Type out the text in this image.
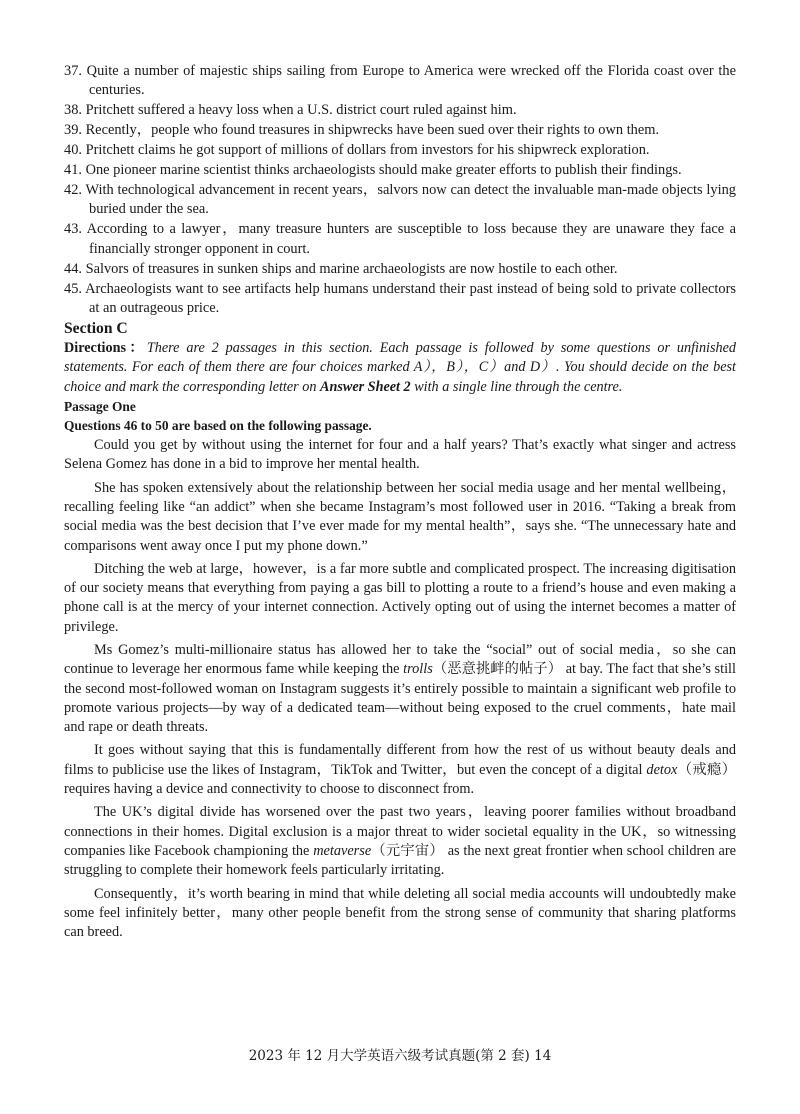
37. Quite a number of majestic ships sailing from Europe to America were wrecked off the Florida coast over the centuries.

38. Pritchett suffered a heavy loss when a U.S. district court ruled against him.

39. Recently，people who found treasures in shipwrecks have been sued over their rights to own them.

40. Pritchett claims he got support of millions of dollars from investors for his shipwreck exploration.

41. One pioneer marine scientist thinks archaeologists should make greater efforts to publish their findings.

42. With technological advancement in recent years，salvors now can detect the invaluable man-made objects lying buried under the sea.

43. According to a lawyer，many treasure hunters are susceptible to loss because they are unaware they face a financially stronger opponent in court.

44. Salvors of treasures in sunken ships and marine archaeologists are now hostile to each other.

45. Archaeologists want to see artifacts help humans understand their past instead of being sold to private collectors at an outrageous price.

Section C

Directions：There are 2 passages in this section. Each passage is followed by some questions or unfinished statements. For each of them there are four choices marked A），B），C）and D）. You should decide on the best choice and mark the corresponding letter on Answer Sheet 2 with a single line through the centre.

Passage One

Questions 46 to 50 are based on the following passage.

Could you get by without using the internet for four and a half years? That’s exactly what singer and actress Selena Gomez has done in a bid to improve her mental health.

She has spoken extensively about the relationship between her social media usage and her mental wellbeing，recalling feeling like “an addict” when she became Instagram’s most followed user in 2016. “Taking a break from social media was the best decision that I’ve ever made for my mental health”，says she. “The unnecessary hate and comparisons went away once I put my phone down.”

Ditching the web at large，however，is a far more subtle and complicated prospect. The increasing digitisation of our society means that everything from paying a gas bill to plotting a route to a friend’s house and even making a phone call is at the mercy of your internet connection. Actively opting out of using the internet becomes a matter of privilege.

Ms Gomez’s multi-millionaire status has allowed her to take the “social” out of social media，so she can continue to leverage her enormous fame while keeping the trolls（恶意挑衅的帖子） at bay. The fact that she’s still the second most-followed woman on Instagram suggests it’s entirely possible to maintain a significant web profile to promote various projects—by way of a dedicated team—without being exposed to the cruel comments，hate mail and rape or death threats.

It goes without saying that this is fundamentally different from how the rest of us without beauty deals and films to publicise use the likes of Instagram，TikTok and Twitter，but even the concept of a digital detox（戒瘾） requires having a device and connectivity to choose to disconnect from.

The UK’s digital divide has worsened over the past two years，leaving poorer families without broadband connections in their homes. Digital exclusion is a major threat to wider societal equality in the UK，so witnessing companies like Facebook championing the metaverse（元宇宙） as the next great frontier when school children are struggling to complete their homework feels particularly irritating.

Consequently，it’s worth bearing in mind that while deleting all social media accounts will undoubtedly make some feel infinitely better，many other people benefit from the strong sense of community that sharing platforms can breed.

2023 年 12 月大学英语六级考试真题(第 2 套) 14
